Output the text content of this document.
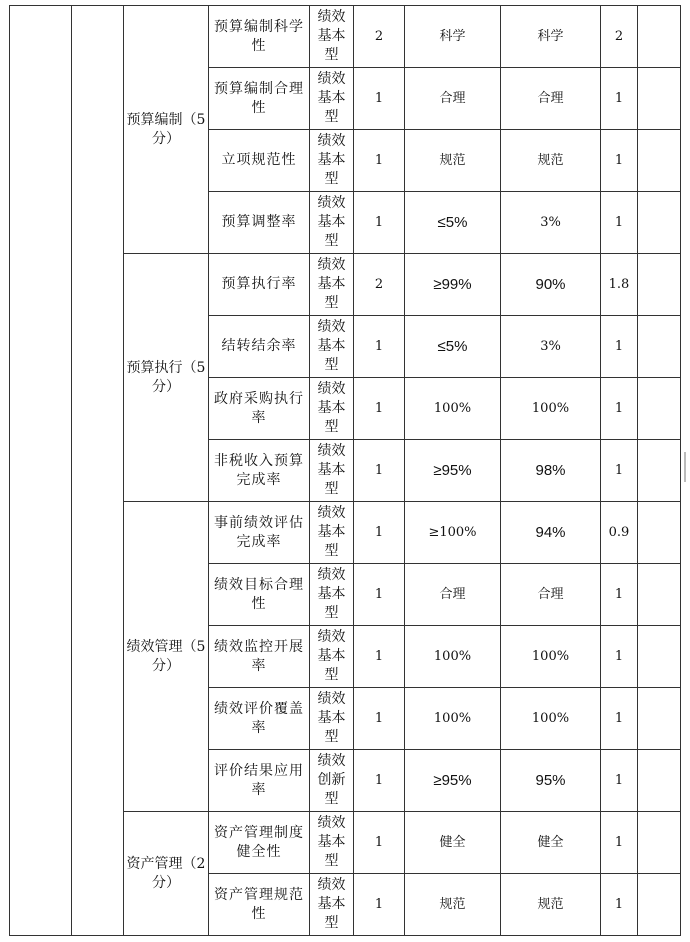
		预算编制（5分）	预算编制科学性	绩效基本型	2	科学	科学	2	
			预算编制合理性	绩效基本型	1	合理	合理	1	
			立项规范性	绩效基本型	1	规范	规范	1	
			预算调整率	绩效基本型	1	≤5%	3%	1	
		预算执行（5分）	预算执行率	绩效基本型	2	≥99%	90%	1.8	
			结转结余率	绩效基本型	1	≤5%	3%	1	
			政府采购执行率	绩效基本型	1	100%	100%	1	
			非税收入预算完成率	绩效基本型	1	≥95%	98%	1	
		绩效管理（5分）	事前绩效评估完成率	绩效基本型	1	≥100%	94%	0.9	
			绩效目标合理性	绩效基本型	1	合理	合理	1	
			绩效监控开展率	绩效基本型	1	100%	100%	1	
			绩效评价覆盖率	绩效基本型	1	100%	100%	1	
			评价结果应用率	绩效创新型	1	≥95%	95%	1	
		资产管理（2分）	资产管理制度健全性	绩效基本型	1	健全	健全	1	
			资产管理规范性	绩效基本型	1	规范	规范	1	
